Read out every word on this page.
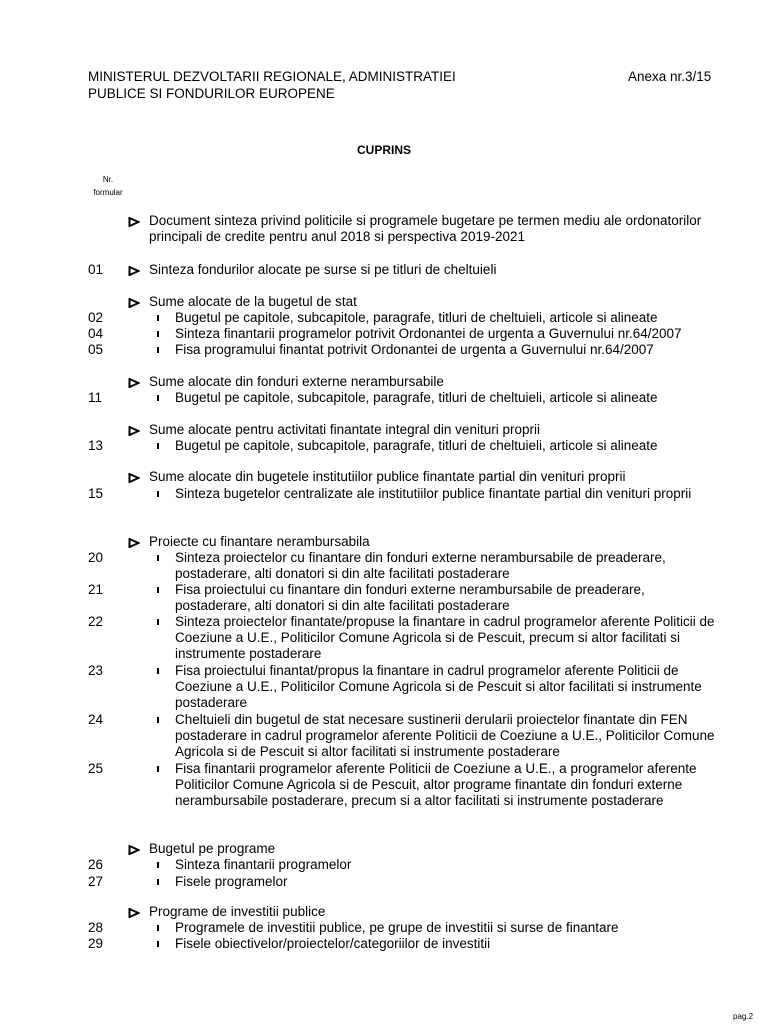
MINISTERUL DEZVOLTARII REGIONALE, ADMINISTRATIEI
PUBLICE SI FONDURILOR EUROPENE
Anexa nr.3/15
CUPRINS
Nr.
formular
Document sinteza privind politicile si programele bugetare pe termen mediu ale ordonatorilor principali de credite pentru anul 2018 si perspectiva 2019-2021
01	Sinteza fondurilor alocate pe surse si pe titluri de cheltuieli
Sume alocate de la bugetul de stat
02	Bugetul pe capitole, subcapitole, paragrafe, titluri de cheltuieli, articole si alineate
04	Sinteza finantarii programelor potrivit Ordonantei de urgenta a Guvernului nr.64/2007
05	Fisa programului finantat potrivit Ordonantei de urgenta a Guvernului nr.64/2007
Sume alocate din fonduri externe nerambursabile
11	Bugetul pe capitole, subcapitole, paragrafe, titluri de cheltuieli, articole si alineate
Sume alocate pentru activitati finantate integral din venituri proprii
13	Bugetul pe capitole, subcapitole, paragrafe, titluri de cheltuieli, articole si alineate
Sume alocate din bugetele institutiilor publice finantate partial din venituri proprii
15	Sinteza bugetelor centralizate ale institutiilor publice finantate partial din venituri proprii
Proiecte cu finantare nerambursabila
20	Sinteza proiectelor cu finantare din fonduri externe nerambursabile de preaderare, postaderare, alti donatori si din alte facilitati postaderare
21	Fisa proiectului cu finantare din fonduri externe nerambursabile de preaderare, postaderare, alti donatori si din alte facilitati postaderare
22	Sinteza proiectelor finantate/propuse la finantare in cadrul programelor aferente Politicii de Coeziune a U.E., Politicilor Comune Agricola si de Pescuit, precum si altor facilitati si instrumente postaderare
23	Fisa proiectului finantat/propus la finantare in cadrul programelor aferente Politicii de Coeziune a U.E., Politicilor Comune Agricola si de Pescuit si altor facilitati si instrumente postaderare
24	Cheltuieli din bugetul de stat necesare sustinerii derularii proiectelor finantate din FEN postaderare in cadrul programelor aferente Politicii de Coeziune a U.E., Politicilor Comune Agricola si de Pescuit si altor facilitati si instrumente postaderare
25	Fisa finantarii programelor aferente Politicii de Coeziune a U.E., a programelor aferente Politicilor Comune Agricola si de Pescuit, altor programe finantate din fonduri externe nerambursabile postaderare, precum si a altor facilitati si instrumente postaderare
Bugetul pe programe
26	Sinteza finantarii programelor
27	Fisele programelor
Programe de investitii publice
28	Programele de investitii publice, pe grupe de investitii si surse de finantare
29	Fisele obiectivelor/proiectelor/categoriilor de investitii
pag.2
